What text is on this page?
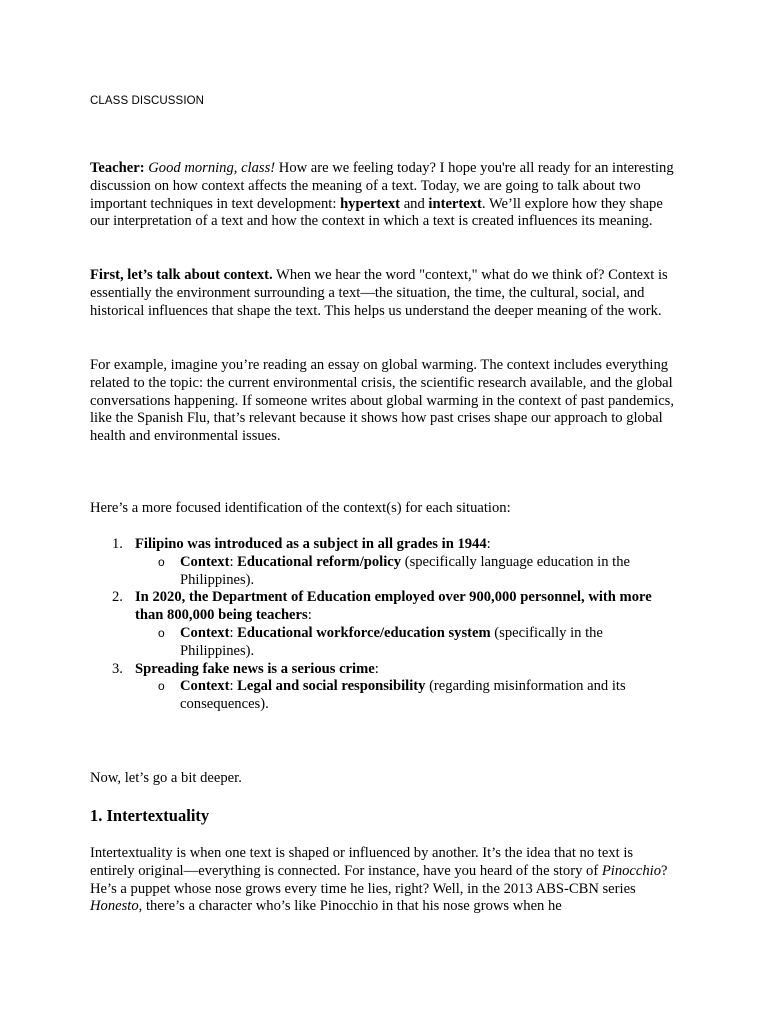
CLASS DISCUSSION

Teacher: Good morning, class! How are we feeling today? I hope you're all ready for an interesting discussion on how context affects the meaning of a text. Today, we are going to talk about two important techniques in text development: hypertext and intertext. We’ll explore how they shape our interpretation of a text and how the context in which a text is created influences its meaning.

First, let’s talk about context. When we hear the word "context," what do we think of? Context is essentially the environment surrounding a text—the situation, the time, the cultural, social, and historical influences that shape the text. This helps us understand the deeper meaning of the work.

For example, imagine you’re reading an essay on global warming. The context includes everything related to the topic: the current environmental crisis, the scientific research available, and the global conversations happening. If someone writes about global warming in the context of past pandemics, like the Spanish Flu, that’s relevant because it shows how past crises shape our approach to global health and environmental issues.

Here’s a more focused identification of the context(s) for each situation:

1. Filipino was introduced as a subject in all grades in 1944:
o Context: Educational reform/policy (specifically language education in the Philippines).
2. In 2020, the Department of Education employed over 900,000 personnel, with more than 800,000 being teachers:
o Context: Educational workforce/education system (specifically in the Philippines).
3. Spreading fake news is a serious crime:
o Context: Legal and social responsibility (regarding misinformation and its consequences).

Now, let’s go a bit deeper.

1. Intertextuality

Intertextuality is when one text is shaped or influenced by another. It’s the idea that no text is entirely original—everything is connected. For instance, have you heard of the story of Pinocchio? He’s a puppet whose nose grows every time he lies, right? Well, in the 2013 ABS-CBN series Honesto, there’s a character who’s like Pinocchio in that his nose grows when he
